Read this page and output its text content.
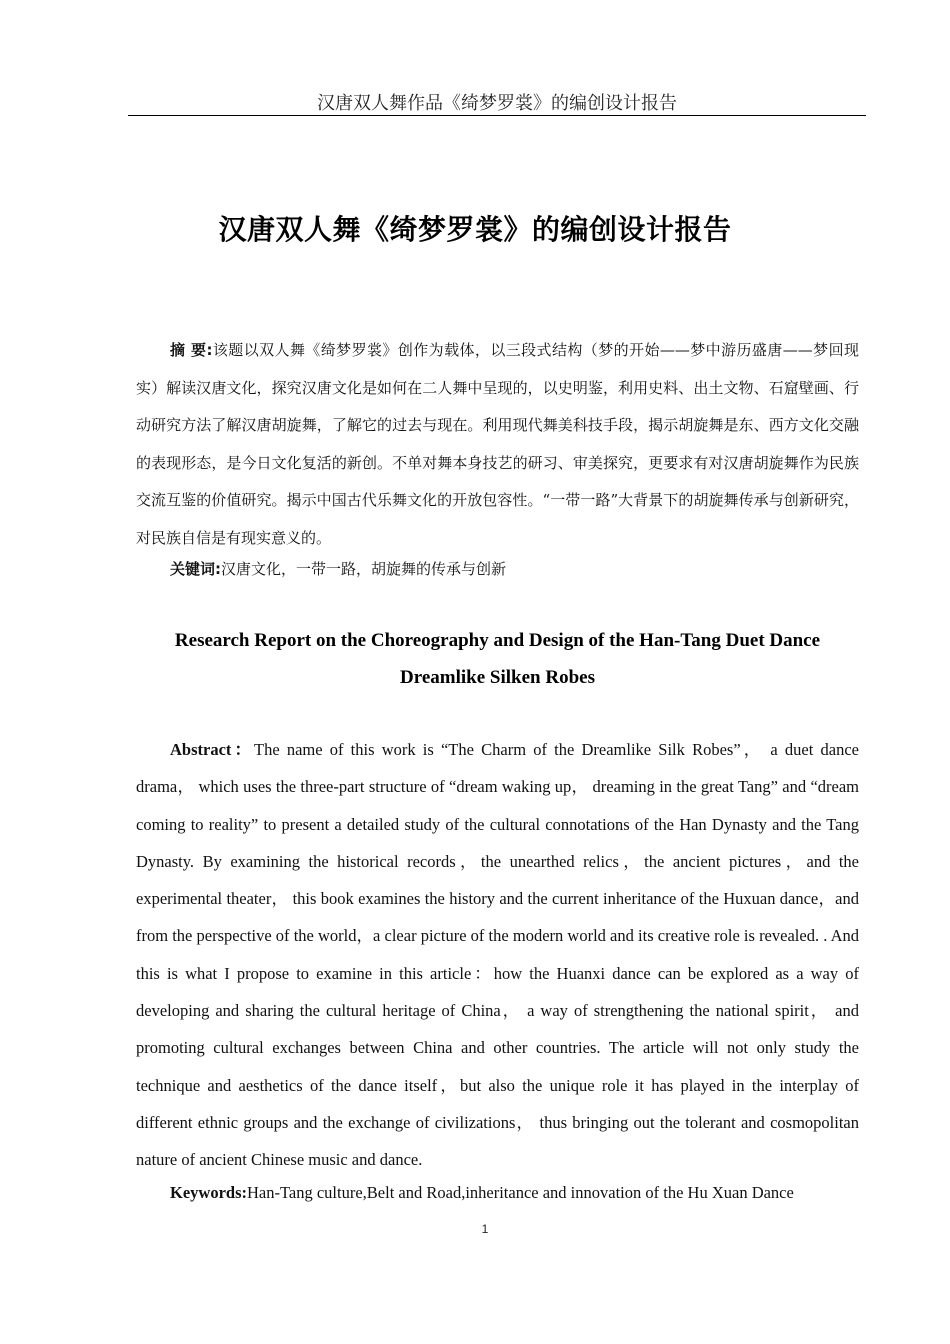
汉唐双人舞作品《绮梦罗裳》的编创设计报告
汉唐双人舞《绮梦罗裳》的编创设计报告

摘 要:该题以双人舞《绮梦罗裳》创作为载体，以三段式结构（梦的开始——梦中游历盛唐——梦回现实）解读汉唐文化，探究汉唐文化是如何在二人舞中呈现的，以史明鉴，利用史料、出土文物、石窟壁画、行动研究方法了解汉唐胡旋舞，了解它的过去与现在。利用现代舞美科技手段，揭示胡旋舞是东、西方文化交融的表现形态，是今日文化复活的新创。不单对舞本身技艺的研习、审美探究，更要求有对汉唐胡旋舞作为民族交流互鉴的价值研究。揭示中国古代乐舞文化的开放包容性。“一带一路”大背景下的胡旋舞传承与创新研究，对民族自信是有现实意义的。

关键词:汉唐文化，一带一路，胡旋舞的传承与创新

Research Report on the Choreography and Design of the Han-Tang Duet Dance
Dreamlike Silken Robes

Abstract：The name of this work is “The Charm of the Dreamlike Silk Robes”， a duet dance drama， which uses the three-part structure of “dream waking up， dreaming in the great Tang” and “dream coming to reality” to present a detailed study of the cultural connotations of the Han Dynasty and the Tang Dynasty. By examining the historical records，the unearthed relics，the ancient pictures，and the experimental theater， this book examines the history and the current inheritance of the Huxuan dance，and from the perspective of the world，a clear picture of the modern world and its creative role is revealed. . And this is what I propose to examine in this article：how the Huanxi dance can be explored as a way of developing and sharing the cultural heritage of China， a way of strengthening the national spirit， and promoting cultural exchanges between China and other countries. The article will not only study the technique and aesthetics of the dance itself，but also the unique role it has played in the interplay of different ethnic groups and the exchange of civilizations， thus bringing out the tolerant and cosmopolitan nature of ancient Chinese music and dance.

Keywords:Han-Tang culture,Belt and Road,inheritance and innovation of the Hu Xuan Dance

1
